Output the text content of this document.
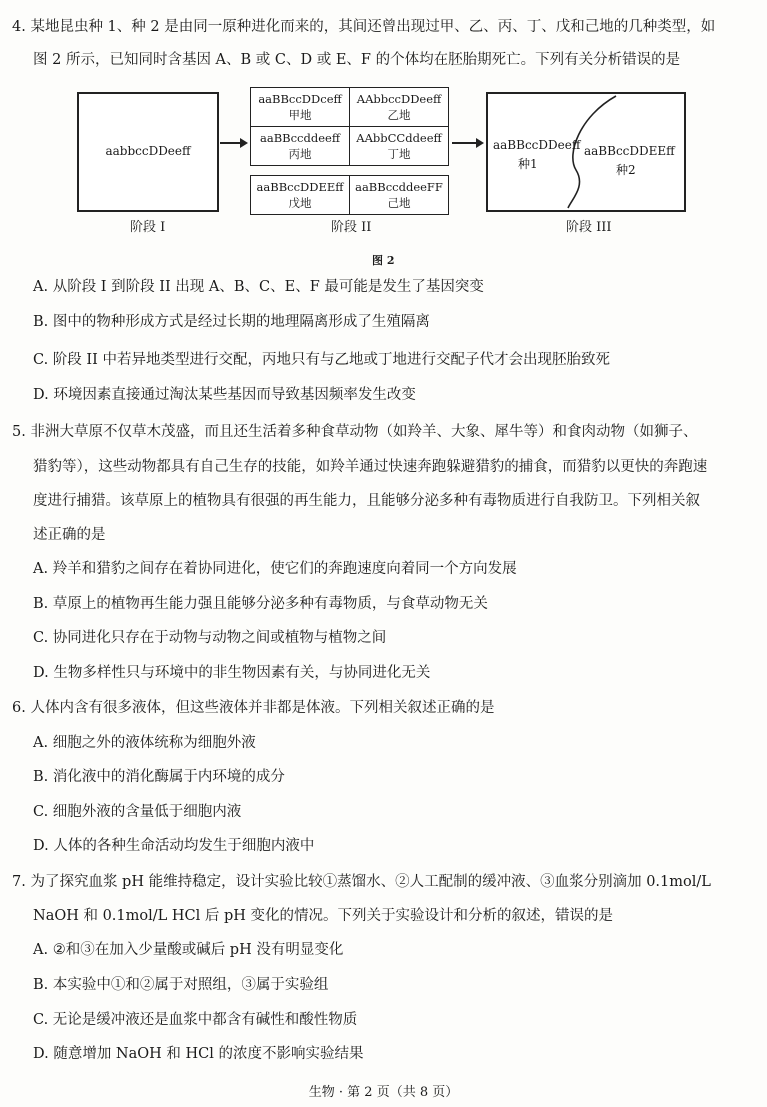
4. 某地昆虫种 1、种 2 是由同一原种进化而来的，其间还曾出现过甲、乙、丙、丁、戊和己地的几种类型，如
图 2 所示，已知同时含基因 A、B 或 C、D 或 E、F 的个体均在胚胎期死亡。下列有关分析错误的是
aabbccDDeeff
aaBBccDDceff
甲地
AAbbccDDeeff
乙地
aaBBccddeeff
丙地
AAbbCCddeeff
丁地
aaBBccDDEEff
戊地
aaBBccddeeFF
己地
aaBBccDDeeff
种1
aaBBccDDEEff
种2
阶段 I	阶段 II	阶段 III
图 2
A. 从阶段 I 到阶段 II 出现 A、B、C、E、F 最可能是发生了基因突变
B. 图中的物种形成方式是经过长期的地理隔离形成了生殖隔离
C. 阶段 II 中若异地类型进行交配，丙地只有与乙地或丁地进行交配子代才会出现胚胎致死
D. 环境因素直接通过淘汰某些基因而导致基因频率发生改变
5. 非洲大草原不仅草木茂盛，而且还生活着多种食草动物（如羚羊、大象、犀牛等）和食肉动物（如狮子、
猎豹等），这些动物都具有自己生存的技能，如羚羊通过快速奔跑躲避猎豹的捕食，而猎豹以更快的奔跑速
度进行捕猎。该草原上的植物具有很强的再生能力，且能够分泌多种有毒物质进行自我防卫。下列相关叙
述正确的是
A. 羚羊和猎豹之间存在着协同进化，使它们的奔跑速度向着同一个方向发展
B. 草原上的植物再生能力强且能够分泌多种有毒物质，与食草动物无关
C. 协同进化只存在于动物与动物之间或植物与植物之间
D. 生物多样性只与环境中的非生物因素有关，与协同进化无关
6. 人体内含有很多液体，但这些液体并非都是体液。下列相关叙述正确的是
A. 细胞之外的液体统称为细胞外液
B. 消化液中的消化酶属于内环境的成分
C. 细胞外液的含量低于细胞内液
D. 人体的各种生命活动均发生于细胞内液中
7. 为了探究血浆 pH 能维持稳定，设计实验比较①蒸馏水、②人工配制的缓冲液、③血浆分别滴加 0.1mol/L
NaOH 和 0.1mol/L HCl 后 pH 变化的情况。下列关于实验设计和分析的叙述，错误的是
A. ②和③在加入少量酸或碱后 pH 没有明显变化
B. 本实验中①和②属于对照组，③属于实验组
C. 无论是缓冲液还是血浆中都含有碱性和酸性物质
D. 随意增加 NaOH 和 HCl 的浓度不影响实验结果
生物 · 第 2 页（共 8 页）
